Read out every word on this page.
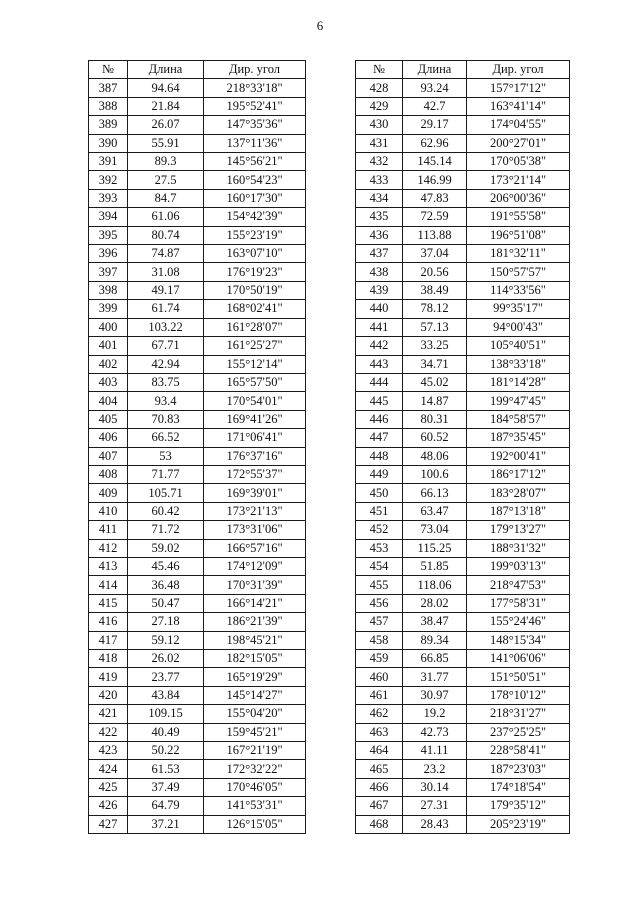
6
№	Длина	Дир. угол
387	94.64	218°33'18"
388	21.84	195°52'41"
389	26.07	147°35'36"
390	55.91	137°11'36"
391	89.3	145°56'21"
392	27.5	160°54'23"
393	84.7	160°17'30"
394	61.06	154°42'39"
395	80.74	155°23'19"
396	74.87	163°07'10"
397	31.08	176°19'23"
398	49.17	170°50'19"
399	61.74	168°02'41"
400	103.22	161°28'07"
401	67.71	161°25'27"
402	42.94	155°12'14"
403	83.75	165°57'50"
404	93.4	170°54'01"
405	70.83	169°41'26"
406	66.52	171°06'41"
407	53	176°37'16"
408	71.77	172°55'37"
409	105.71	169°39'01"
410	60.42	173°21'13"
411	71.72	173°31'06"
412	59.02	166°57'16"
413	45.46	174°12'09"
414	36.48	170°31'39"
415	50.47	166°14'21"
416	27.18	186°21'39"
417	59.12	198°45'21"
418	26.02	182°15'05"
419	23.77	165°19'29"
420	43.84	145°14'27"
421	109.15	155°04'20"
422	40.49	159°45'21"
423	50.22	167°21'19"
424	61.53	172°32'22"
425	37.49	170°46'05"
426	64.79	141°53'31"
427	37.21	126°15'05"
№	Длина	Дир. угол
428	93.24	157°17'12"
429	42.7	163°41'14"
430	29.17	174°04'55"
431	62.96	200°27'01"
432	145.14	170°05'38"
433	146.99	173°21'14"
434	47.83	206°00'36"
435	72.59	191°55'58"
436	113.88	196°51'08"
437	37.04	181°32'11"
438	20.56	150°57'57"
439	38.49	114°33'56"
440	78.12	99°35'17"
441	57.13	94°00'43"
442	33.25	105°40'51"
443	34.71	138°33'18"
444	45.02	181°14'28"
445	14.87	199°47'45"
446	80.31	184°58'57"
447	60.52	187°35'45"
448	48.06	192°00'41"
449	100.6	186°17'12"
450	66.13	183°28'07"
451	63.47	187°13'18"
452	73.04	179°13'27"
453	115.25	188°31'32"
454	51.85	199°03'13"
455	118.06	218°47'53"
456	28.02	177°58'31"
457	38.47	155°24'46"
458	89.34	148°15'34"
459	66.85	141°06'06"
460	31.77	151°50'51"
461	30.97	178°10'12"
462	19.2	218°31'27"
463	42.73	237°25'25"
464	41.11	228°58'41"
465	23.2	187°23'03"
466	30.14	174°18'54"
467	27.31	179°35'12"
468	28.43	205°23'19"
